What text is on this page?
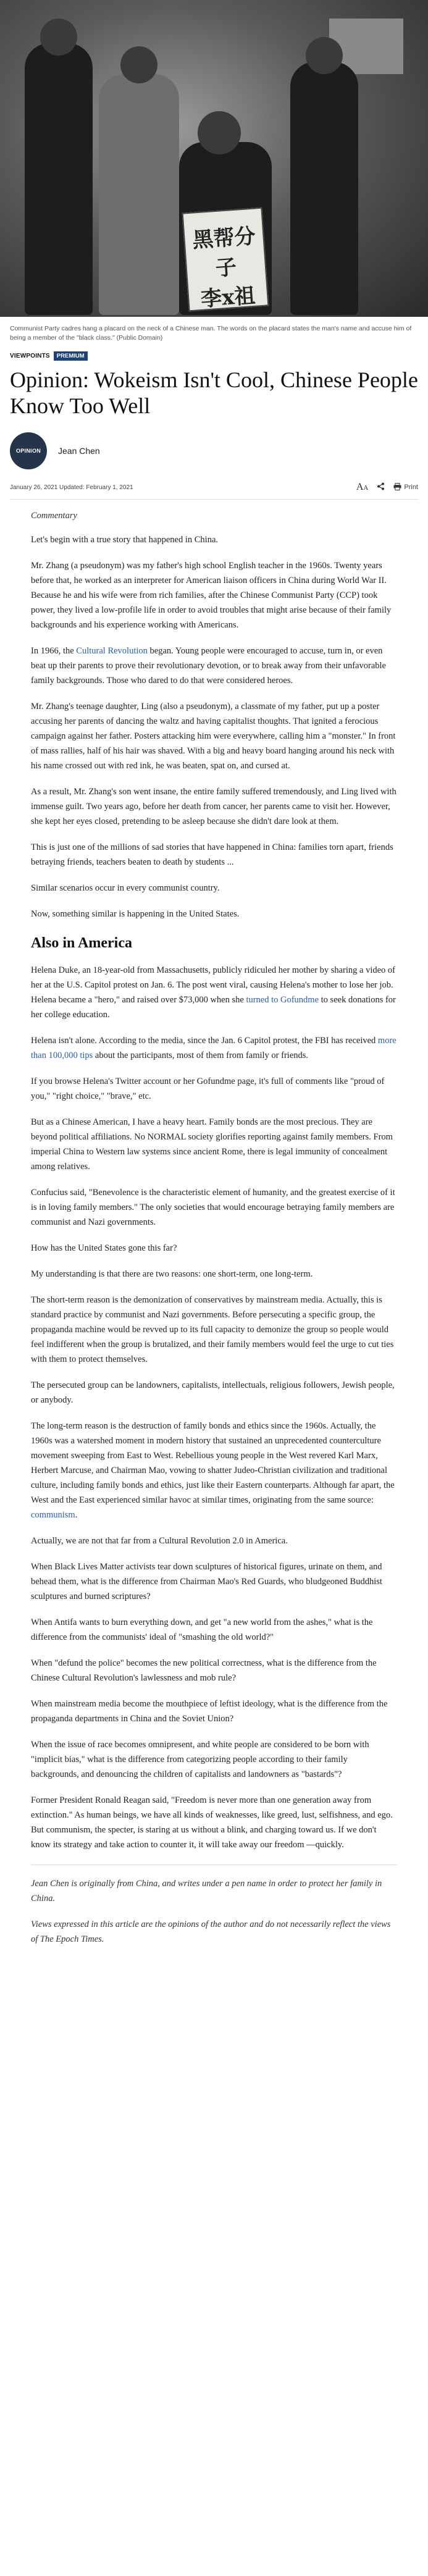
黑帮分子
李x祖
Communist Party cadres hang a placard on the neck of a Chinese man. The words on the placard states the man's name and accuse him of being a member of the "black class." (Public Domain)
VIEWPOINTS	PREMIUM
Opinion: Wokeism Isn't Cool, Chinese People Know Too Well
OPINION	Jean Chen
January 26, 2021 Updated: February 1, 2021	AA	Print
Commentary

Let's begin with a true story that happened in China.

Mr. Zhang (a pseudonym) was my father's high school English teacher in the 1960s. Twenty years before that, he worked as an interpreter for American liaison officers in China during World War II. Because he and his wife were from rich families, after the Chinese Communist Party (CCP) took power, they lived a low-profile life in order to avoid troubles that might arise because of their family backgrounds and his experience working with Americans.

In 1966, the Cultural Revolution began. Young people were encouraged to accuse, turn in, or even beat up their parents to prove their revolutionary devotion, or to break away from their unfavorable family backgrounds. Those who dared to do that were considered heroes.

Mr. Zhang's teenage daughter, Ling (also a pseudonym), a classmate of my father, put up a poster accusing her parents of dancing the waltz and having capitalist thoughts. That ignited a ferocious campaign against her father. Posters attacking him were everywhere, calling him a "monster." In front of mass rallies, half of his hair was shaved. With a big and heavy board hanging around his neck with his name crossed out with red ink, he was beaten, spat on, and cursed at.

As a result, Mr. Zhang's son went insane, the entire family suffered tremendously, and Ling lived with immense guilt. Two years ago, before her death from cancer, her parents came to visit her. However, she kept her eyes closed, pretending to be asleep because she didn't dare look at them.

This is just one of the millions of sad stories that have happened in China: families torn apart, friends betraying friends, teachers beaten to death by students ...

Similar scenarios occur in every communist country.

Now, something similar is happening in the United States.

Also in America

Helena Duke, an 18-year-old from Massachusetts, publicly ridiculed her mother by sharing a video of her at the U.S. Capitol protest on Jan. 6. The post went viral, causing Helena's mother to lose her job. Helena became a "hero," and raised over $73,000 when she turned to Gofundme to seek donations for her college education.

Helena isn't alone. According to the media, since the Jan. 6 Capitol protest, the FBI has received more than 100,000 tips about the participants, most of them from family or friends.

If you browse Helena's Twitter account or her Gofundme page, it's full of comments like "proud of you," "right choice," "brave," etc.

But as a Chinese American, I have a heavy heart. Family bonds are the most precious. They are beyond political affiliations. No NORMAL society glorifies reporting against family members. From imperial China to Western law systems since ancient Rome, there is legal immunity of concealment among relatives.

Confucius said, "Benevolence is the characteristic element of humanity, and the greatest exercise of it is in loving family members." The only societies that would encourage betraying family members are communist and Nazi governments.

How has the United States gone this far?

My understanding is that there are two reasons: one short-term, one long-term.

The short-term reason is the demonization of conservatives by mainstream media. Actually, this is standard practice by communist and Nazi governments. Before persecuting a specific group, the propaganda machine would be revved up to its full capacity to demonize the group so people would feel indifferent when the group is brutalized, and their family members would feel the urge to cut ties with them to protect themselves.

The persecuted group can be landowners, capitalists, intellectuals, religious followers, Jewish people, or anybody.

The long-term reason is the destruction of family bonds and ethics since the 1960s. Actually, the 1960s was a watershed moment in modern history that sustained an unprecedented counterculture movement sweeping from East to West. Rebellious young people in the West revered Karl Marx, Herbert Marcuse, and Chairman Mao, vowing to shatter Judeo-Christian civilization and traditional culture, including family bonds and ethics, just like their Eastern counterparts. Although far apart, the West and the East experienced similar havoc at similar times, originating from the same source: communism.

Actually, we are not that far from a Cultural Revolution 2.0 in America.

When Black Lives Matter activists tear down sculptures of historical figures, urinate on them, and behead them, what is the difference from Chairman Mao's Red Guards, who bludgeoned Buddhist sculptures and burned scriptures?

When Antifa wants to burn everything down, and get "a new world from the ashes," what is the difference from the communists' ideal of "smashing the old world?"

When "defund the police" becomes the new political correctness, what is the difference from the Chinese Cultural Revolution's lawlessness and mob rule?

When mainstream media become the mouthpiece of leftist ideology, what is the difference from the propaganda departments in China and the Soviet Union?

When the issue of race becomes omnipresent, and white people are considered to be born with "implicit bias," what is the difference from categorizing people according to their family backgrounds, and denouncing the children of capitalists and landowners as "bastards"?

Former President Ronald Reagan said, "Freedom is never more than one generation away from extinction." As human beings, we have all kinds of weaknesses, like greed, lust, selfishness, and ego. But communism, the specter, is staring at us without a blink, and charging toward us. If we don't know its strategy and take action to counter it, it will take away our freedom —quickly.

Jean Chen is originally from China, and writes under a pen name in order to protect her family in China.

Views expressed in this article are the opinions of the author and do not necessarily reflect the views of The Epoch Times.
